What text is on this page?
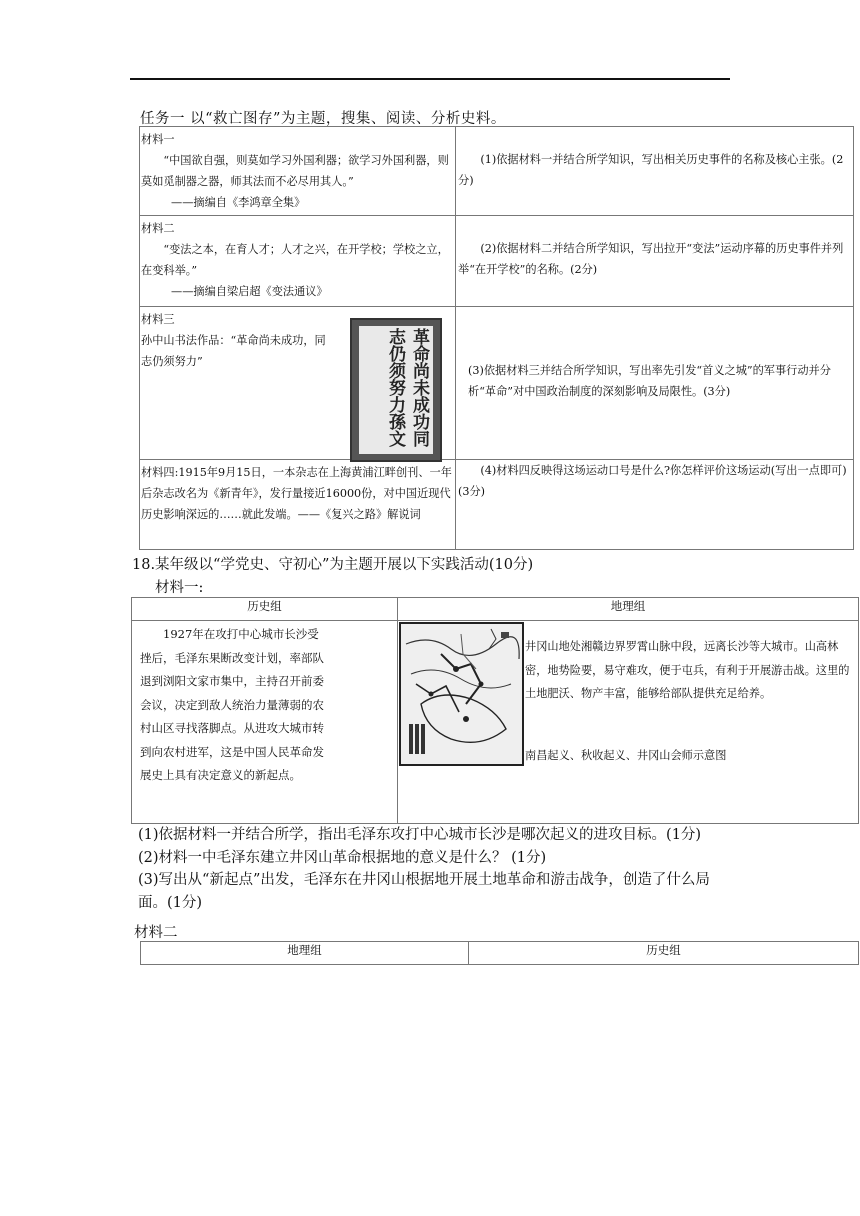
任务一 以“救亡图存”为主题，搜集、阅读、分析史料。
材料一
“中国欲自强，则莫如学习外国利器；欲学习外国利器，则莫如觅制器之器，师其法而不必尽用其人。”
——摘编自《李鸿章全集》	(1)依据材料一并结合所学知识，写出相关历史事件的名称及核心主张。(2分)

材料二
“变法之本，在育人才；人才之兴，在开学校；学校之立，在变科举。”
——摘编自梁启超《变法通议》	(2)依据材料二并结合所学知识，写出拉开“变法”运动序幕的历史事件并列举“在开学校”的名称。(2分)

材料三
孙中山书法作品：“革命尚未成功，同志仍须努力”	(3)依据材料三并结合所学知识，写出率先引发“首义之城”的军事行动并分析“革命”对中国政治制度的深刻影响及局限性。(3分)

材料四:1915年9月15日，一本杂志在上海黄浦江畔创刊、一年后杂志改名为《新青年》，发行量接近16000份，对中国近现代历史影响深远的……就此发端。——《复兴之路》解说词	(4)材料四反映得这场运动口号是什么?你怎样评价这场运动(写出一点即可)(3分)
革命尚未成功同志仍须努力孫文
18.某年级以“学党史、守初心”为主题开展以下实践活动(10分)
材料一:
历史组	地理组

1927年在攻打中心城市长沙受挫后，毛泽东果断改变计划，率部队退到浏阳文家市集中，主持召开前委会议，决定到敌人统治力量薄弱的农村山区寻找落脚点。从进攻大城市转到向农村进军，这是中国人民革命发展史上具有决定意义的新起点。	井冈山地处湘赣边界罗霄山脉中段，远离长沙等大城市。山高林密，地势险要，易守难攻，便于屯兵，有利于开展游击战。这里的土地肥沃、物产丰富，能够给部队提供充足给养。
南昌起义、秋收起义、井冈山会师示意图

(1)依据材料一并结合所学，指出毛泽东攻打中心城市长沙是哪次起义的进攻目标。(1分)

(2)材料一中毛泽东建立井冈山革命根据地的意义是什么？ (1分)

(3)写出从“新起点”出发，毛泽东在井冈山根据地开展土地革命和游击战争，创造了什么局面。(1分)

材料二
地理组	历史组
